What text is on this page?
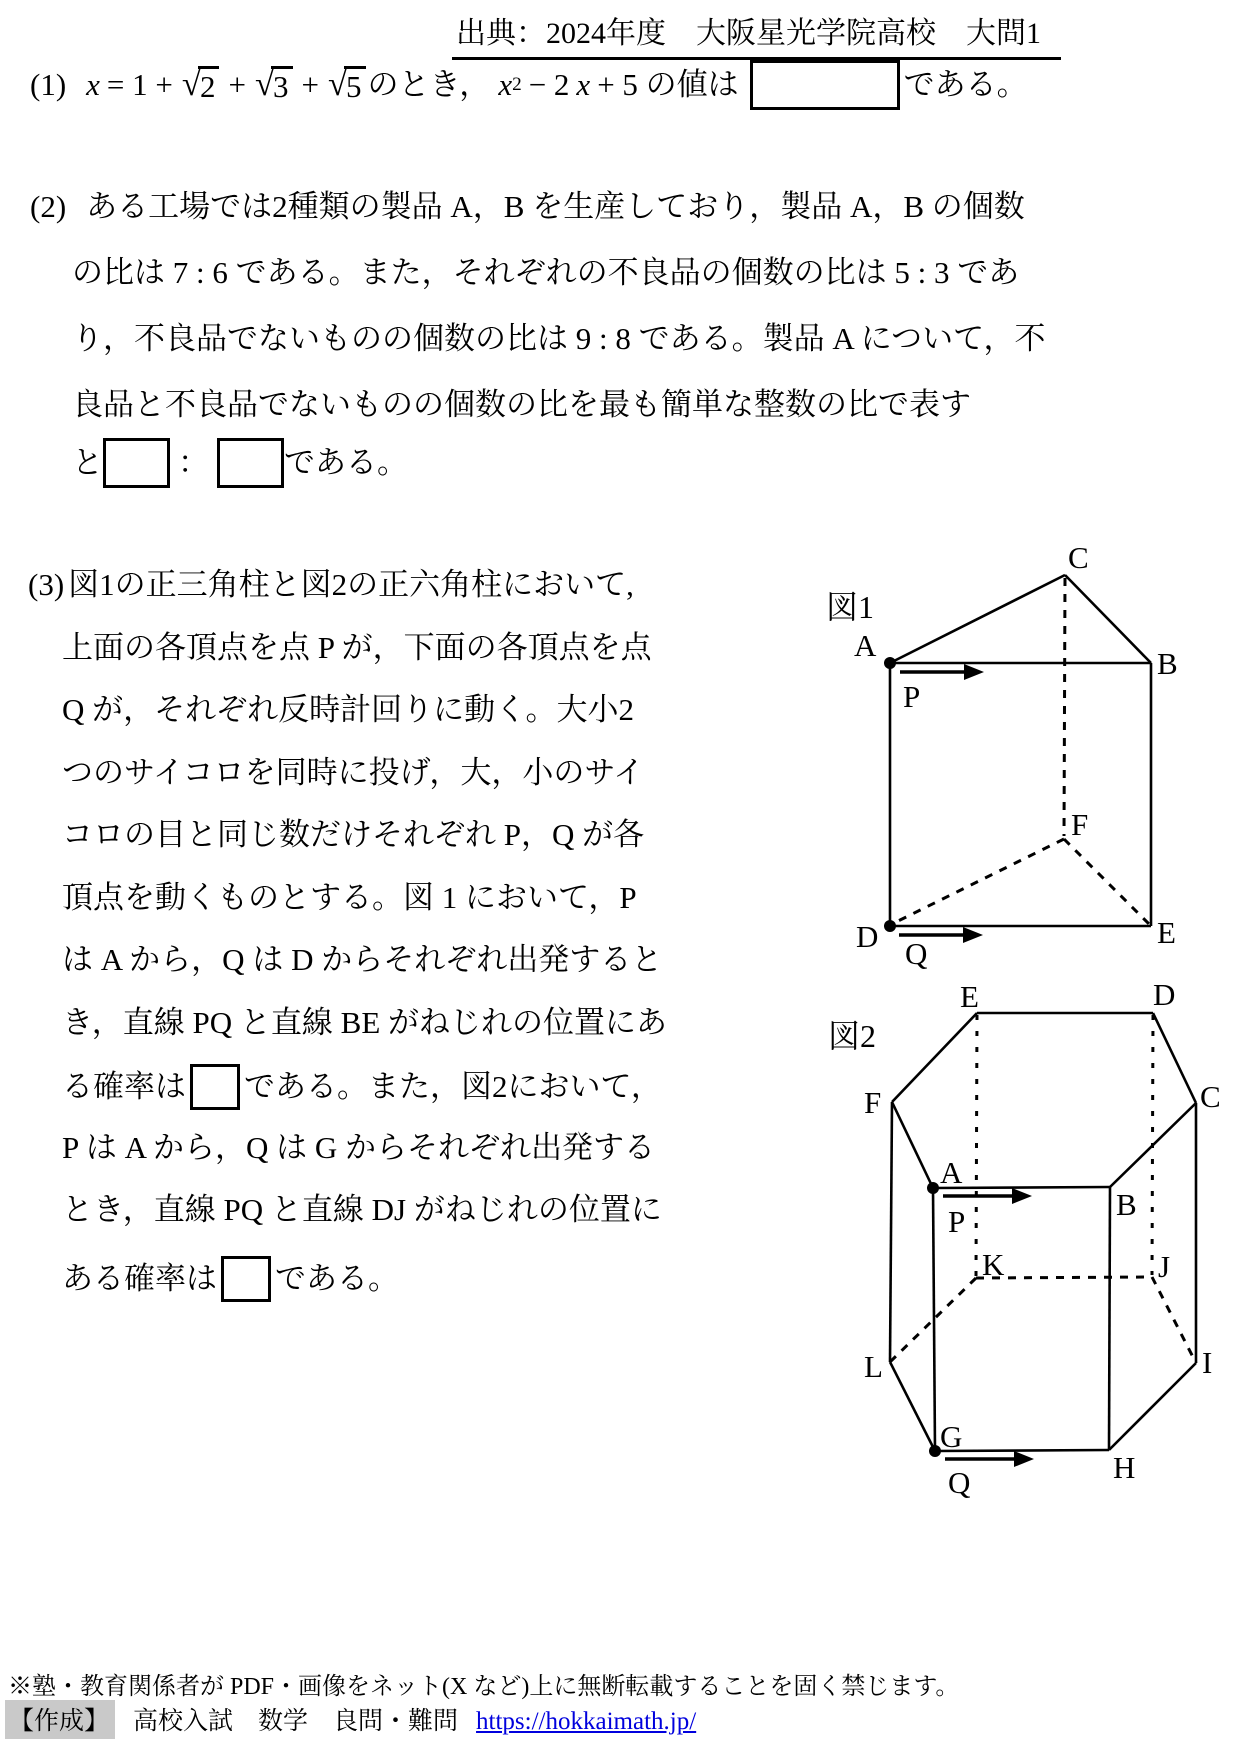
出典：2024年度　大阪星光学院高校　大問1
(1) x = 1 + √ 2 + √ 3 + √ 5 のとき， x 2 − 2 x + 5 の値は	である。
(2) ある工場では2種類の製品 A，B を生産しており，製品 A，B の個数
の比は 7 : 6 である。また，それぞれの不良品の個数の比は 5 : 3 であ
り，不良品でないものの個数の比は 9 : 8 である。製品 A について，不
良品と不良品でないものの個数の比を最も簡単な整数の比で表す
と ： である。
(3) 図1の正三角柱と図2の正六角柱において,
上面の各頂点を点 P が，下面の各頂点を点
Q が，それぞれ反時計回りに動く。大小2
つのサイコロを同時に投げ，大，小のサイ
コロの目と同じ数だけそれぞれ P，Q が各
頂点を動くものとする。図 1 において，P
は A から，Q は D からそれぞれ出発すると
き，直線 PQ と直線 BE がねじれの位置にあ
る確率は である。また，図2において，
P は A から，Q は G からそれぞれ出発する
とき，直線 PQ と直線 DJ がねじれの位置に
ある確率は である。
図1
A
B
C
D	E
F
P
Q
図2
E	D
F	C
A
B
P
K	J
L	I
G
H
Q
※塾・教育関係者が PDF・画像をネット(X など)上に無断転載することを固く禁じます。
【作成】 高校入試　数学　良問・難問 https://hokkaimath.jp/
